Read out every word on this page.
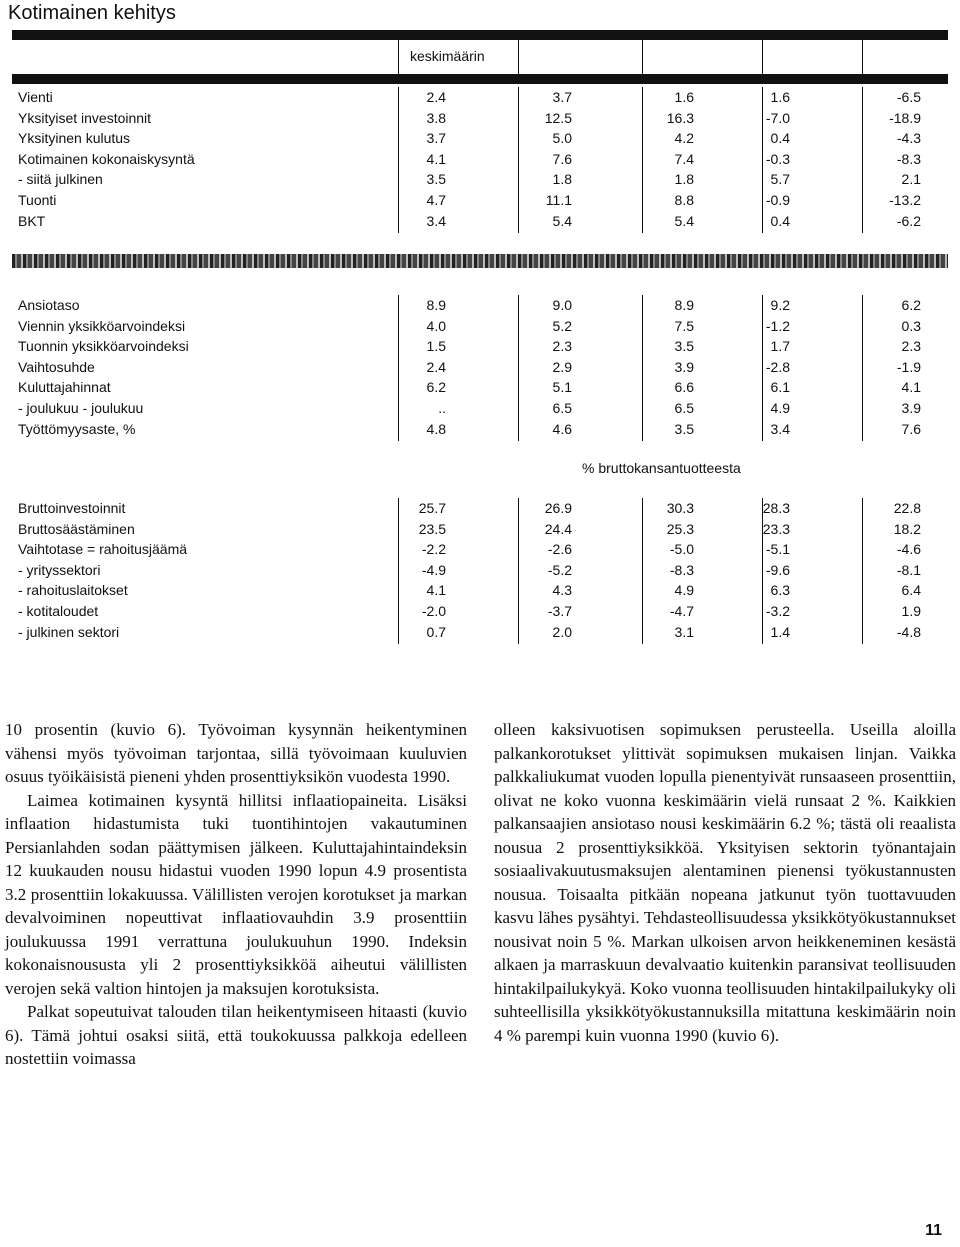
Kotimainen kehitys
keskimäärin
Vienti	2.4	3.7	1.6	1.6	-6.5
Yksityiset investoinnit	3.8	12.5	16.3	-7.0	-18.9
Yksityinen kulutus	3.7	5.0	4.2	0.4	-4.3
Kotimainen kokonaiskysyntä	4.1	7.6	7.4	-0.3	-8.3
- siitä julkinen	3.5	1.8	1.8	5.7	2.1
Tuonti	4.7	11.1	8.8	-0.9	-13.2
BKT	3.4	5.4	5.4	0.4	-6.2
Ansiotaso	8.9	9.0	8.9	9.2	6.2
Viennin yksikköarvoindeksi	4.0	5.2	7.5	-1.2	0.3
Tuonnin yksikköarvoindeksi	1.5	2.3	3.5	1.7	2.3
Vaihtosuhde	2.4	2.9	3.9	-2.8	-1.9
Kuluttajahinnat	6.2	5.1	6.6	6.1	4.1
- joulukuu - joulukuu	..	6.5	6.5	4.9	3.9
Työttömyysaste, %	4.8	4.6	3.5	3.4	7.6
Bruttoinvestoinnit	25.7	26.9	30.3	28.3	22.8
Bruttosäästäminen	23.5	24.4	25.3	23.3	18.2
Vaihtotase = rahoitusjäämä	-2.2	-2.6	-5.0	-5.1	-4.6
- yrityssektori	-4.9	-5.2	-8.3	-9.6	-8.1
- rahoituslaitokset	4.1	4.3	4.9	6.3	6.4
- kotitaloudet	-2.0	-3.7	-4.7	-3.2	1.9
- julkinen sektori	0.7	2.0	3.1	1.4	-4.8
% bruttokansantuotteesta

10 prosentin (kuvio 6). Työvoiman kysynnän heikentyminen vähensi myös työvoiman tarjontaa, sillä työvoimaan kuuluvien osuus työikäisistä pieneni yhden prosenttiyksikön vuodesta 1990.

Laimea kotimainen kysyntä hillitsi inflaatiopaineita. Lisäksi inflaation hidastumista tuki tuontihintojen vakautuminen Persianlahden sodan päättymisen jälkeen. Kuluttajahintaindeksin 12 kuukauden nousu hidastui vuoden 1990 lopun 4.9 prosentista 3.2 prosenttiin lokakuussa. Välillisten verojen korotukset ja markan devalvoiminen nopeuttivat inflaatiovauhdin 3.9 prosenttiin joulukuussa 1991 verrattuna joulukuuhun 1990. Indeksin kokonaisnoususta yli 2 prosenttiyksikköä aiheutui välillisten verojen sekä valtion hintojen ja maksujen korotuksista.

Palkat sopeutuivat talouden tilan heikentymiseen hitaasti (kuvio 6). Tämä johtui osaksi siitä, että toukokuussa palkkoja edelleen nostettiin voimassa

olleen kaksivuotisen sopimuksen perusteella. Useilla aloilla palkankorotukset ylittivät sopimuksen mukaisen linjan. Vaikka palkkaliukumat vuoden lopulla pienentyivät runsaaseen prosenttiin, olivat ne koko vuonna keskimäärin vielä runsaat 2 %. Kaikkien palkansaajien ansiotaso nousi keskimäärin 6.2 %; tästä oli reaalista nousua 2 prosenttiyksikköä. Yksityisen sektorin työnantajain sosiaalivakuutusmaksujen alentaminen pienensi työkustannusten nousua. Toisaalta pitkään nopeana jatkunut työn tuottavuuden kasvu lähes pysähtyi. Tehdasteollisuudessa yksikkötyökustannukset nousivat noin 5 %. Markan ulkoisen arvon heikkeneminen kesästä alkaen ja marraskuun devalvaatio kuitenkin paransivat teollisuuden hintakilpailukykyä. Koko vuonna teollisuuden hintakilpailukyky oli suhteellisilla yksikkötyökustannuksilla mitattuna keskimäärin noin 4 % parempi kuin vuonna 1990 (kuvio 6).

11
